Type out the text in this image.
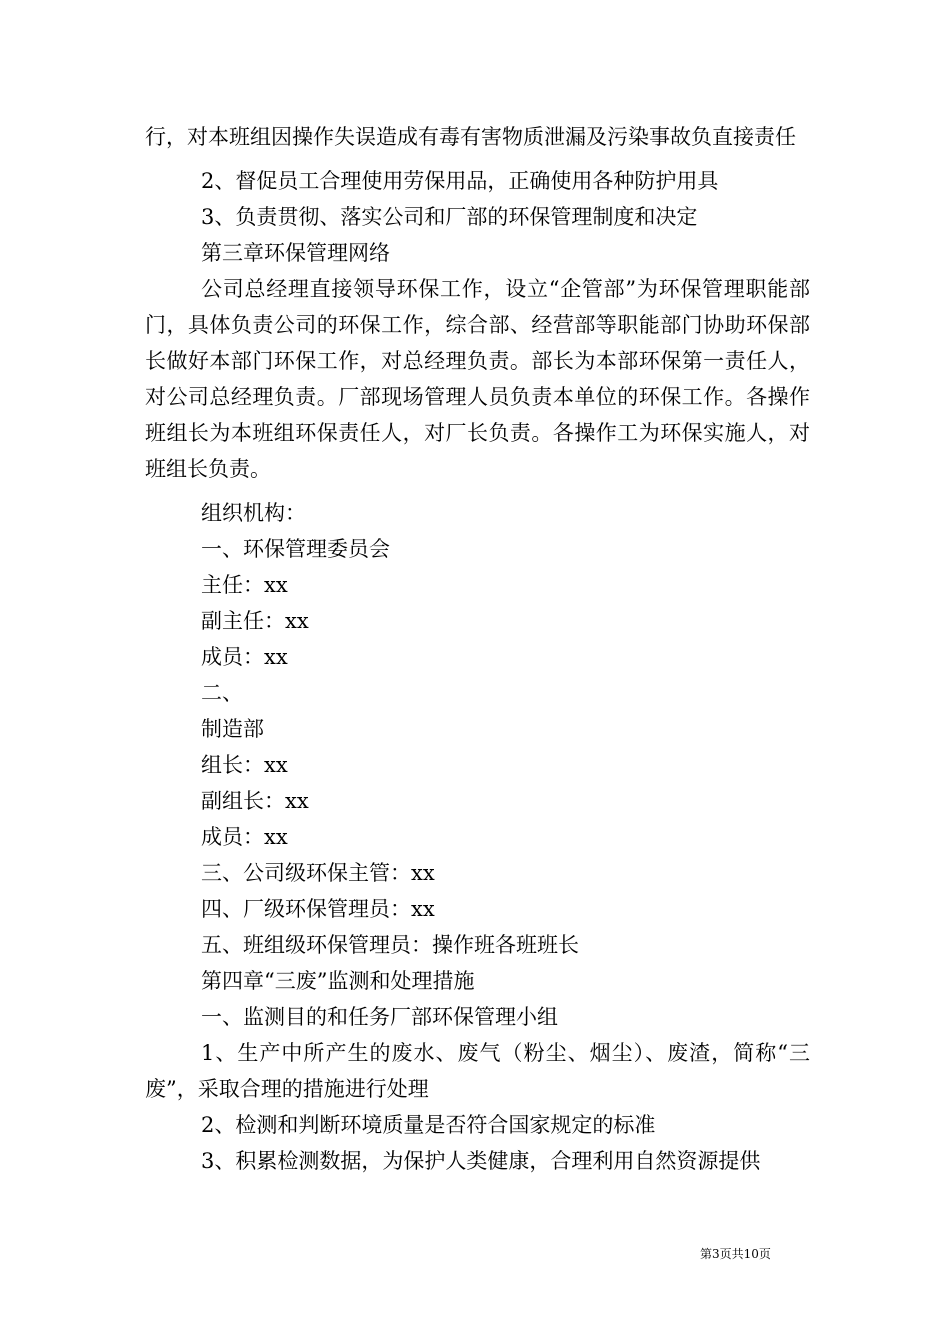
行，对本班组因操作失误造成有毒有害物质泄漏及污染事故负直接责任
2、督促员工合理使用劳保用品，正确使用各种防护用具
3、负责贯彻、落实公司和厂部的环保管理制度和决定
第三章环保管理网络
公司总经理直接领导环保工作，设立“企管部”为环保管理职能部门，具体负责公司的环保工作，综合部、经营部等职能部门协助环保部长做好本部门环保工作，对总经理负责。部长为本部环保第一责任人，对公司总经理负责。厂部现场管理人员负责本单位的环保工作。各操作班组长为本班组环保责任人，对厂长负责。各操作工为环保实施人，对班组长负责。
组织机构：
一、环保管理委员会
主任：xx
副主任：xx
成员：xx
二、
制造部
组长：xx
副组长：xx
成员：xx
三、公司级环保主管：xx
四、厂级环保管理员：xx
五、班组级环保管理员：操作班各班班长
第四章“三废”监测和处理措施
一、监测目的和任务厂部环保管理小组
1、生产中所产生的废水、废气（粉尘、烟尘）、废渣，简称“三废”，采取合理的措施进行处理
2、检测和判断环境质量是否符合国家规定的标准
3、积累检测数据，为保护人类健康，合理利用自然资源提供
第3页共10页
